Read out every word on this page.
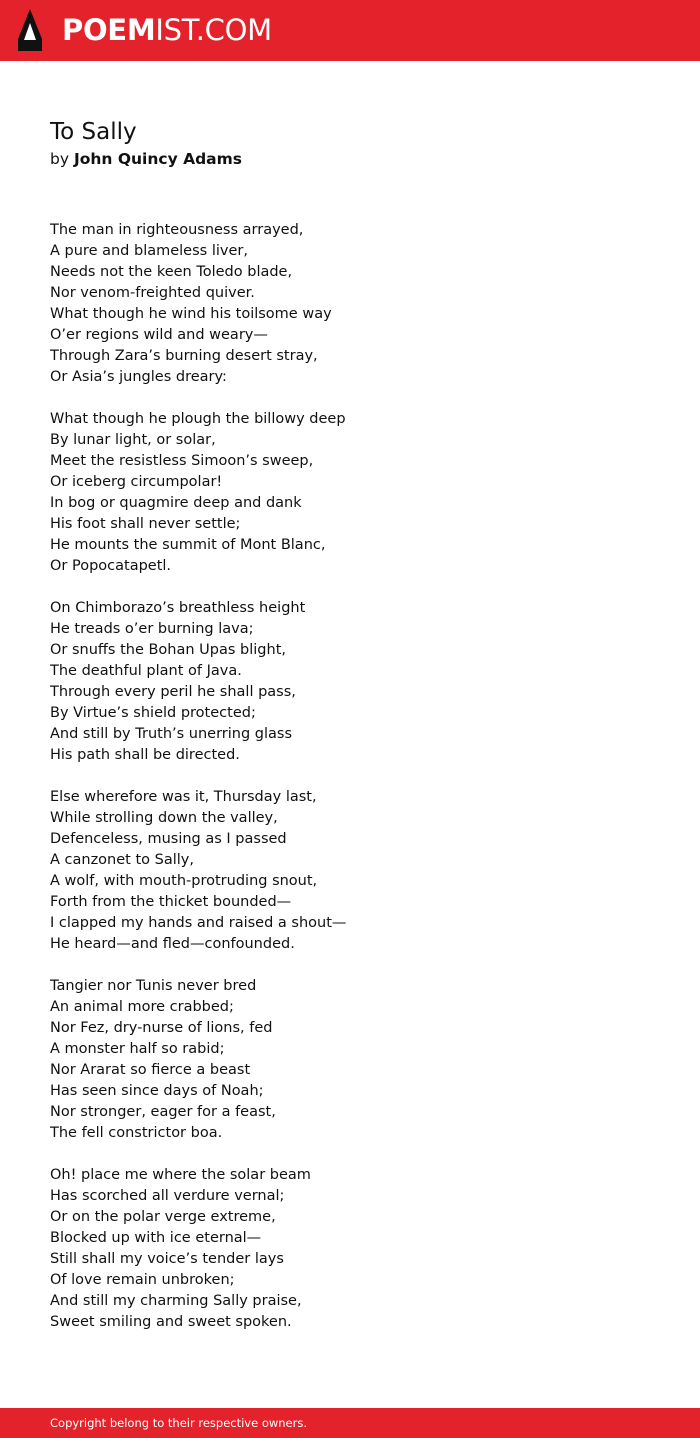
POEMIST.COM
To Sally
by John Quincy Adams
The man in righteousness arrayed,
A pure and blameless liver,
Needs not the keen Toledo blade,
Nor venom-freighted quiver.
What though he wind his toilsome way
O’er regions wild and weary—
Through Zara’s burning desert stray,
Or Asia’s jungles dreary:
What though he plough the billowy deep
By lunar light, or solar,
Meet the resistless Simoon’s sweep,
Or iceberg circumpolar!
In bog or quagmire deep and dank
His foot shall never settle;
He mounts the summit of Mont Blanc,
Or Popocatapetl.
On Chimborazo’s breathless height
He treads o’er burning lava;
Or snuffs the Bohan Upas blight,
The deathful plant of Java.
Through every peril he shall pass,
By Virtue’s shield protected;
And still by Truth’s unerring glass
His path shall be directed.
Else wherefore was it, Thursday last,
While strolling down the valley,
Defenceless, musing as I passed
A canzonet to Sally,
A wolf, with mouth-protruding snout,
Forth from the thicket bounded—
I clapped my hands and raised a shout—
He heard—and fled—confounded.
Tangier nor Tunis never bred
An animal more crabbed;
Nor Fez, dry-nurse of lions, fed
A monster half so rabid;
Nor Ararat so fierce a beast
Has seen since days of Noah;
Nor stronger, eager for a feast,
The fell constrictor boa.
Oh! place me where the solar beam
Has scorched all verdure vernal;
Or on the polar verge extreme,
Blocked up with ice eternal—
Still shall my voice’s tender lays
Of love remain unbroken;
And still my charming Sally praise,
Sweet smiling and sweet spoken.
Copyright belong to their respective owners.
